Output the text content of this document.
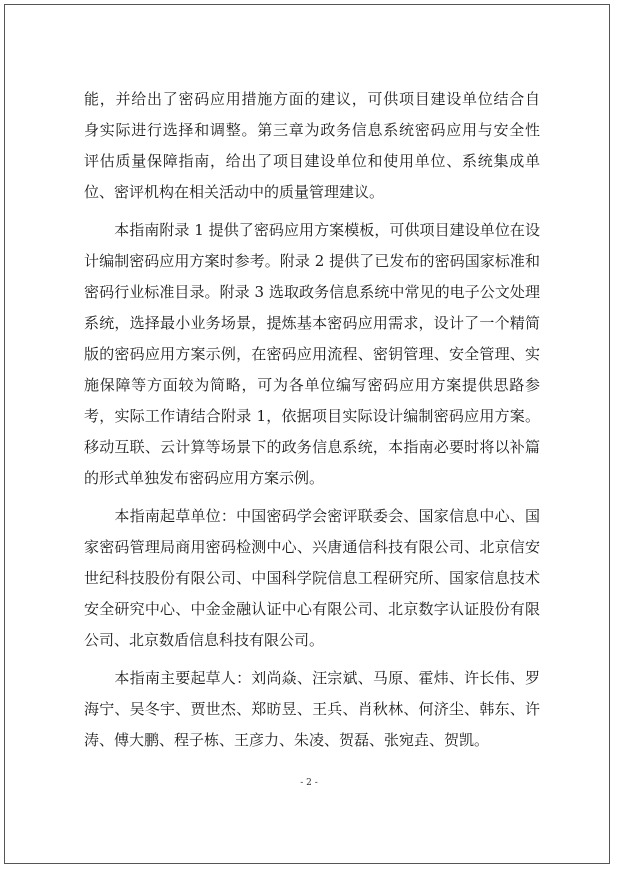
能，并给出了密码应用措施方面的建议，可供项目建设单位结合自
身实际进行选择和调整。第三章为政务信息系统密码应用与安全性
评估质量保障指南，给出了项目建设单位和使用单位、系统集成单
位、密评机构在相关活动中的质量管理建议。
　　本指南附录 1 提供了密码应用方案模板，可供项目建设单位在设
计编制密码应用方案时参考。附录 2 提供了已发布的密码国家标准和
密码行业标准目录。附录 3 选取政务信息系统中常见的电子公文处理
系统，选择最小业务场景，提炼基本密码应用需求，设计了一个精简
版的密码应用方案示例，在密码应用流程、密钥管理、安全管理、实
施保障等方面较为简略，可为各单位编写密码应用方案提供思路参
考，实际工作请结合附录 1，依据项目实际设计编制密码应用方案。
移动互联、云计算等场景下的政务信息系统，本指南必要时将以补篇
的形式单独发布密码应用方案示例。
　　本指南起草单位：中国密码学会密评联委会、国家信息中心、国
家密码管理局商用密码检测中心、兴唐通信科技有限公司、北京信安
世纪科技股份有限公司、中国科学院信息工程研究所、国家信息技术
安全研究中心、中金金融认证中心有限公司、北京数字认证股份有限
公司、北京数盾信息科技有限公司。
　　本指南主要起草人：刘尚焱、汪宗斌、马原、霍炜、许长伟、罗
海宁、吴冬宇、贾世杰、郑昉昱、王兵、肖秋林、何济尘、韩东、许
涛、傅大鹏、程子栋、王彦力、朱凌、贺磊、张宛垚、贺凯。
- 2 -
